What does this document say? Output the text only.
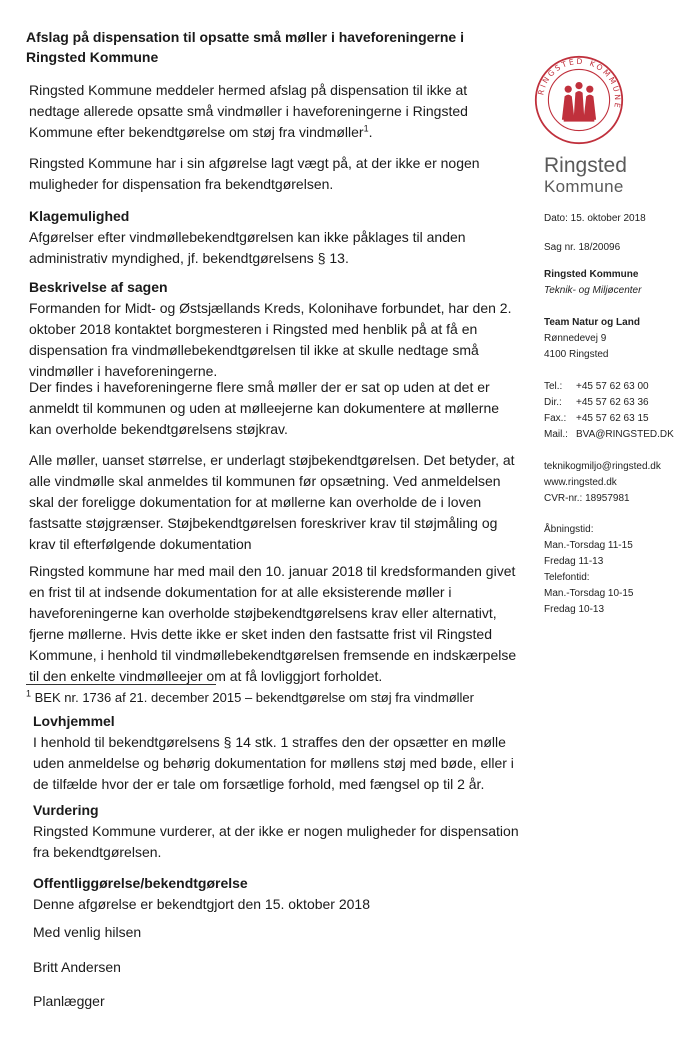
Afslag på dispensation til opsatte små møller i haveforeningerne i Ringsted Kommune
Ringsted Kommune meddeler hermed afslag på dispensation til ikke at nedtage allerede opsatte små vindmøller i haveforeningerne i Ringsted Kommune efter bekendtgørelse om støj fra vindmøller$^1$.
Ringsted Kommune har i sin afgørelse lagt vægt på, at der ikke er nogen muligheder for dispensation fra bekendtgørelsen.
Klagemulighed
Afgørelser efter vindmøllebekendtgørelsen kan ikke påklages til anden administrativ myndighed, jf. bekendtgørelsens § 13.
Beskrivelse af sagen
Formanden for Midt- og Østsjællands Kreds, Kolonihave forbundet, har den 2. oktober 2018 kontaktet borgmesteren i Ringsted med henblik på at få en dispensation fra vindmøllebekendtgørelsen til ikke at skulle nedtage små vindmøller i haveforeningerne.
Der findes i haveforeningerne flere små møller der er sat op uden at det er anmeldt til kommunen og uden at mølleejerne kan dokumentere at møllerne kan overholde bekendtgørelsens støjkrav.
Alle møller, uanset størrelse, er underlagt støjbekendtgørelsen. Det betyder, at alle vindmølle skal anmeldes til kommunen før opsætning. Ved anmeldelsen skal der foreligge dokumentation for at møllerne kan overholde de i loven fastsatte støjgrænser. Støjbekendtgørelsen foreskriver krav til støjmåling og krav til efterfølgende dokumentation
Ringsted kommune har med mail den 10. januar 2018 til kredsformanden givet en frist til at indsende dokumentation for at alle eksisterende møller i haveforeningerne kan overholde støjbekendtgørelsens krav eller alternativt, fjerne møllerne. Hvis dette ikke er sket inden den fastsatte frist vil Ringsted Kommune, i henhold til vindmøllebekendtgørelsen fremsende en indskærpelse til den enkelte vindmølleejer om at få lovliggjort forholdet.
$^1$ BEK nr. 1736 af 21. december 2015 – bekendtgørelse om støj fra vindmøller
Lovhjemmel
I henhold til bekendtgørelsens § 14 stk. 1 straffes den der opsætter en mølle uden anmeldelse og behørig dokumentation for møllens støj med bøde, eller i de tilfælde hvor der er tale om forsætlige forhold, med fængsel op til 2 år.
Vurdering
Ringsted Kommune vurderer, at der ikke er nogen muligheder for dispensation fra bekendtgørelsen.
Offentliggørelse/bekendtgørelse
Denne afgørelse er bekendtgjort den 15. oktober 2018
Med venlig hilsen
Britt Andersen
Planlægger
RINGSTED KOMMUNE
Ringsted
Kommune
Dato: 15. oktober 2018
Sag nr. 18/20096
Ringsted Kommune
Teknik- og Miljøcenter
Team Natur og Land
Rønnedevej 9
4100 Ringsted
Tel.:	+45 57 62 63 00
Dir.:	+45 57 62 63 36
Fax.: +45 57 62 63 15
Mail.: BVA@RINGSTED.DK
teknikogmiljo@ringsted.dk
www.ringsted.dk
CVR-nr.: 18957981
Åbningstid:
Man.-Torsdag 11-15
Fredag 11-13
Telefontid:
Man.-Torsdag 10-15
Fredag 10-13
